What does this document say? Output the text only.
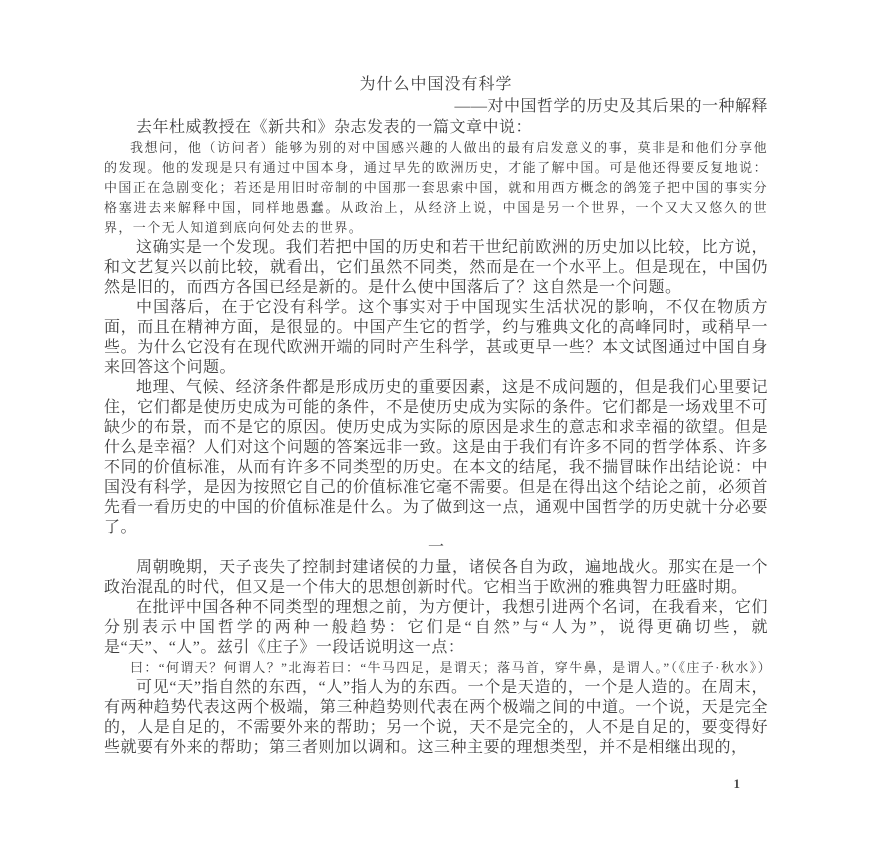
为什么中国没有科学
——对中国哲学的历史及其后果的一种解释

去年杜威教授在《新共和》杂志发表的一篇文章中说：

我想问，他（访问者）能够为别的对中国感兴趣的人做出的最有启发意义的事，莫非是和他们分享他的发现。他的发现是只有通过中国本身，通过早先的欧洲历史，才能了解中国。可是他还得要反复地说：中国正在急剧变化；若还是用旧时帝制的中国那一套思索中国，就和用西方概念的鸽笼子把中国的事实分格塞进去来解释中国，同样地愚蠢。从政治上，从经济上说，中国是另一个世界，一个又大又悠久的世界，一个无人知道到底向何处去的世界。

这确实是一个发现。我们若把中国的历史和若干世纪前欧洲的历史加以比较，比方说，和文艺复兴以前比较，就看出，它们虽然不同类，然而是在一个水平上。但是现在，中国仍然是旧的，而西方各国已经是新的。是什么使中国落后了？这自然是一个问题。

中国落后，在于它没有科学。这个事实对于中国现实生活状况的影响，不仅在物质方面，而且在精神方面，是很显的。中国产生它的哲学，约与雅典文化的高峰同时，或稍早一些。为什么它没有在现代欧洲开端的同时产生科学，甚或更早一些？本文试图通过中国自身来回答这个问题。

地理、气候、经济条件都是形成历史的重要因素，这是不成问题的，但是我们心里要记住，它们都是使历史成为可能的条件，不是使历史成为实际的条件。它们都是一场戏里不可缺少的布景，而不是它的原因。使历史成为实际的原因是求生的意志和求幸福的欲望。但是什么是幸福？人们对这个问题的答案远非一致。这是由于我们有许多不同的哲学体系、许多不同的价值标准，从而有许多不同类型的历史。在本文的结尾，我不揣冒昧作出结论说：中国没有科学，是因为按照它自己的价值标准它毫不需要。但是在得出这个结论之前，必须首先看一看历史的中国的价值标准是什么。为了做到这一点，通观中国哲学的历史就十分必要了。

一

周朝晚期，天子丧失了控制封建诸侯的力量，诸侯各自为政，遍地战火。那实在是一个政治混乱的时代，但又是一个伟大的思想创新时代。它相当于欧洲的雅典智力旺盛时期。

在批评中国各种不同类型的理想之前，为方便计，我想引进两个名词，在我看来，它们分别表示中国哲学的两种一般趋势：它们是“自然”与“人为”，说得更确切些，就是“天”、“人”。兹引《庄子》一段话说明这一点：

曰：“何谓天？何谓人？”北海若曰：“牛马四足，是谓天；落马首，穿牛鼻，是谓人。”（《庄子·秋水》）

可见“天”指自然的东西，“人”指人为的东西。一个是天造的，一个是人造的。在周末，有两种趋势代表这两个极端，第三种趋势则代表在两个极端之间的中道。一个说，天是完全的，人是自足的，不需要外来的帮助；另一个说，天不是完全的，人不是自足的，要变得好些就要有外来的帮助；第三者则加以调和。这三种主要的理想类型，并不是相继出现的，

1
